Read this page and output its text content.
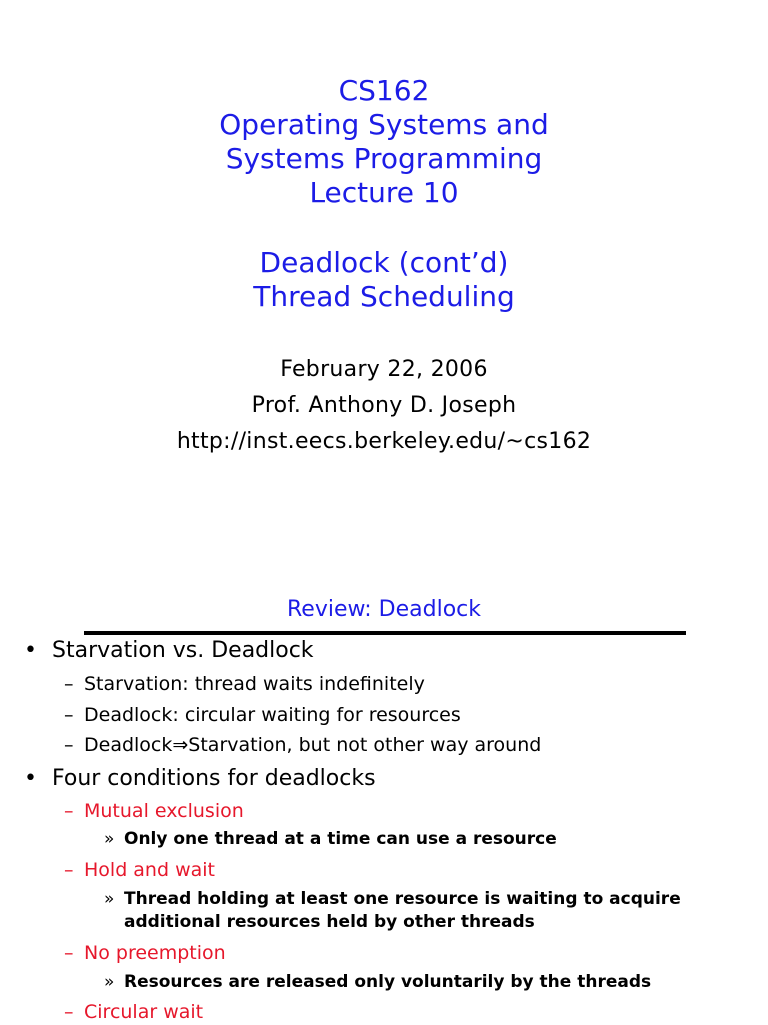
CS162
Operating Systems and
Systems Programming
Lecture 10
Deadlock (cont’d)
Thread Scheduling
February 22, 2006
Prof. Anthony D. Joseph
http://inst.eecs.berkeley.edu/~cs162
Review: Deadlock
• Starvation vs. Deadlock
– Starvation: thread waits indefinitely
– Deadlock: circular waiting for resources
– Deadlock⇒Starvation, but not other way around
• Four conditions for deadlocks
– Mutual exclusion
» Only one thread at a time can use a resource
– Hold and wait
» Thread holding at least one resource is waiting to acquire
additional resources held by other threads
– No preemption
» Resources are released only voluntarily by the threads
– Circular wait
